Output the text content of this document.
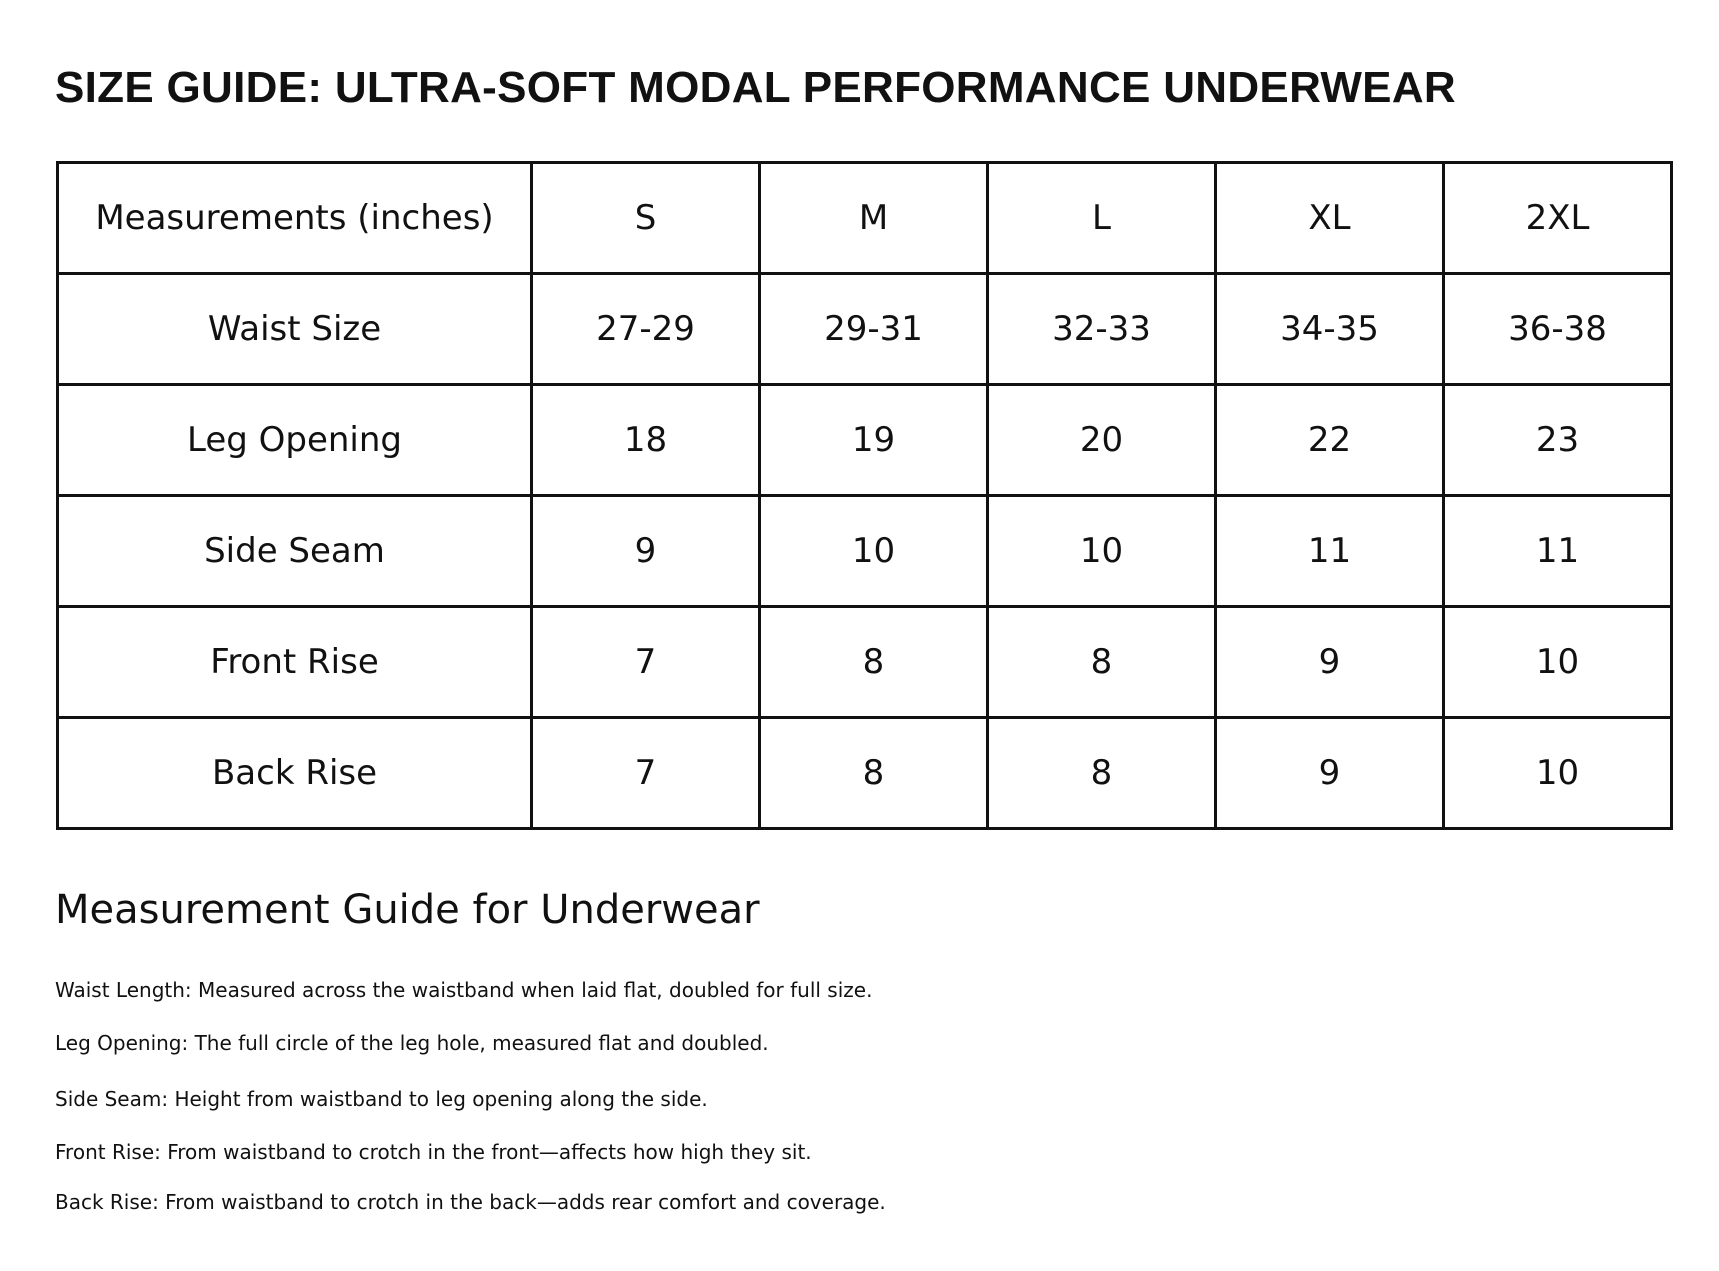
SIZE GUIDE: ULTRA-SOFT MODAL PERFORMANCE UNDERWEAR
Measurements (inches)	S	M	L	XL	2XL
Waist Size	27-29	29-31	32-33	34-35	36-38
Leg Opening	18	19	20	22	23
Side Seam	9	10	10	11	11
Front Rise	7	8	8	9	10
Back Rise	7	8	8	9	10
Measurement Guide for Underwear

Waist Length: Measured across the waistband when laid flat, doubled for full size.

Leg Opening: The full circle of the leg hole, measured flat and doubled.

Side Seam: Height from waistband to leg opening along the side.

Front Rise: From waistband to crotch in the front—affects how high they sit.

Back Rise: From waistband to crotch in the back—adds rear comfort and coverage.
